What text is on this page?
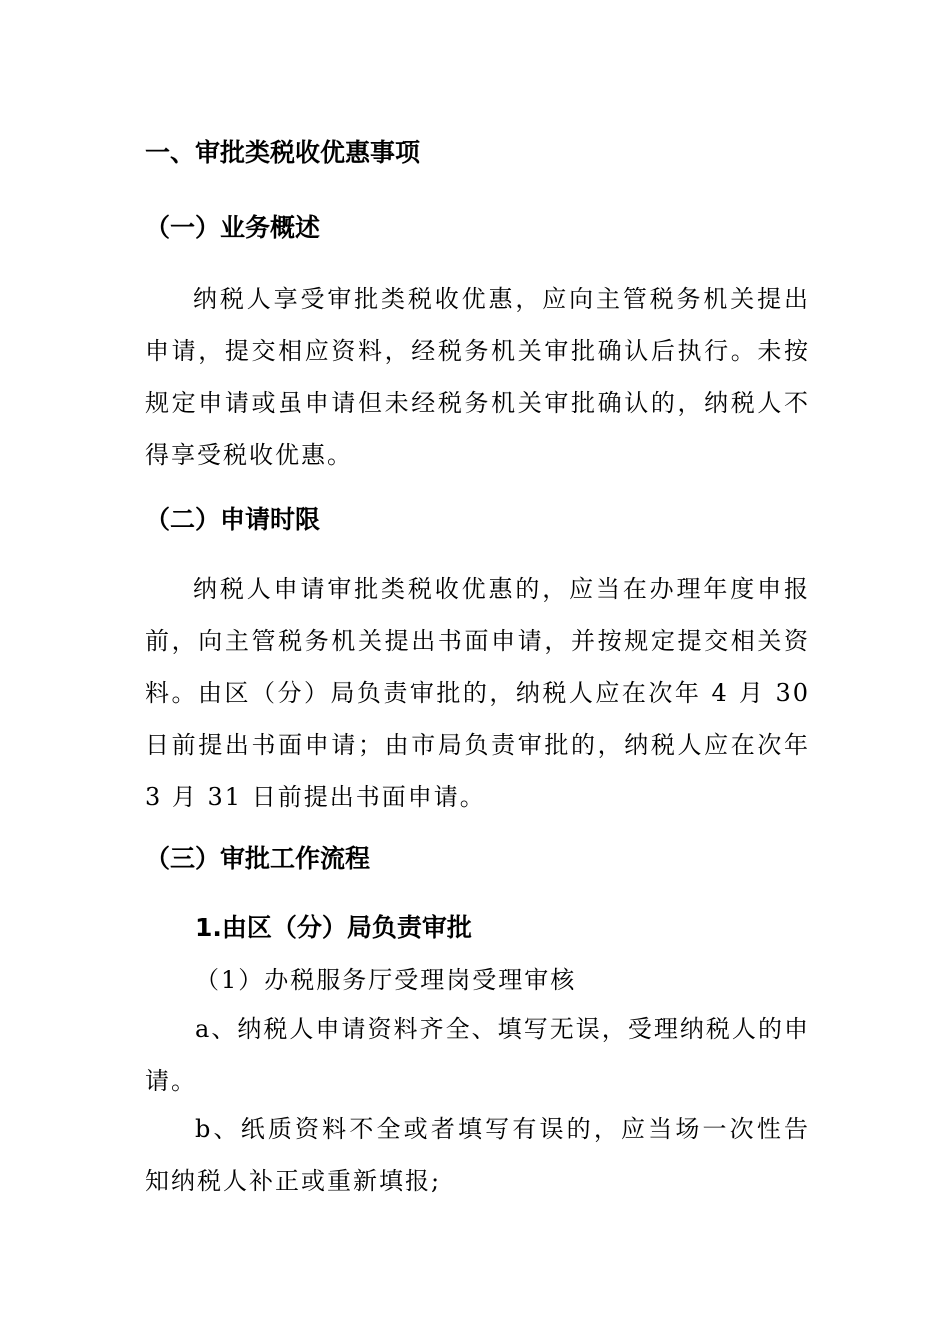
一、审批类税收优惠事项
（一）业务概述

纳税人享受审批类税收优惠，应向主管税务机关提出申请，提交相应资料，经税务机关审批确认后执行。未按规定申请或虽申请但未经税务机关审批确认的，纳税人不得享受税收优惠。

（二）申请时限

纳税人申请审批类税收优惠的，应当在办理年度申报前，向主管税务机关提出书面申请，并按规定提交相关资料。由区（分）局负责审批的，纳税人应在次年 4 月 30 日前提出书面申请；由市局负责审批的，纳税人应在次年 3 月 31 日前提出书面申请。

（三）审批工作流程
1.由区（分）局负责审批
（1）办税服务厅受理岗受理审核

a、纳税人申请资料齐全、填写无误，受理纳税人的申请。

b、纸质资料不全或者填写有误的，应当场一次性告知纳税人补正或重新填报;
